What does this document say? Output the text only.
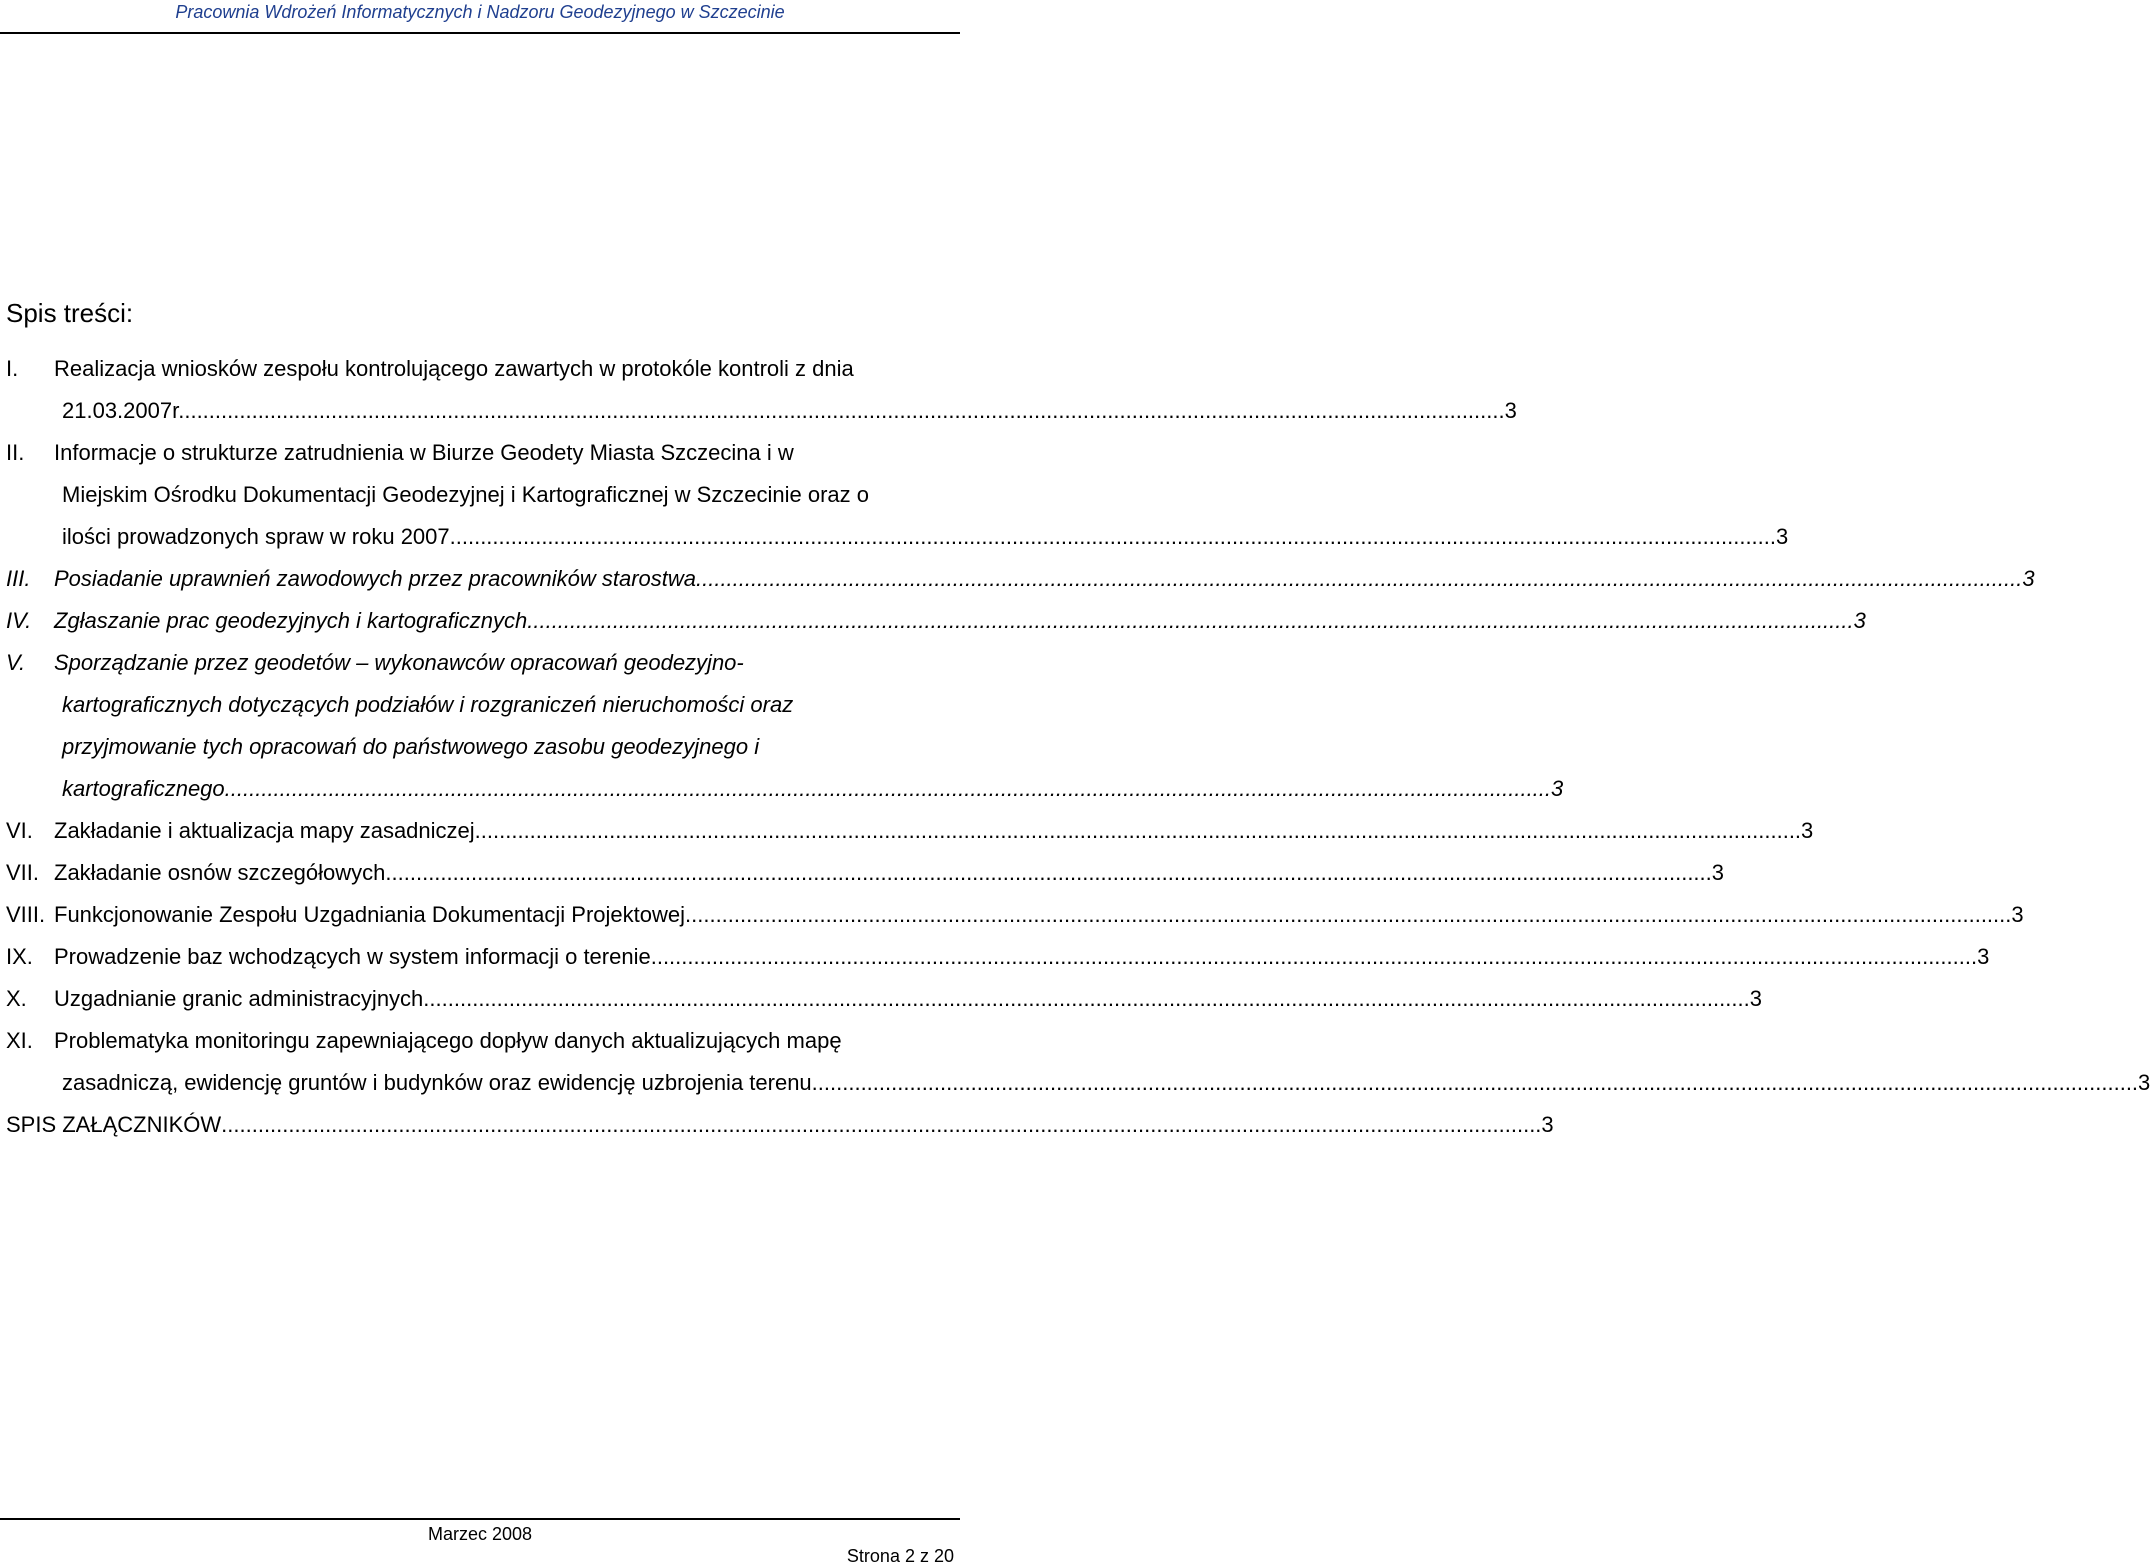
Pracownia Wdrożeń Informatycznych i Nadzoru Geodezyjnego w Szczecinie
Spis treści:
I. Realizacja wniosków zespołu kontrolującego zawartych w protokóle kontroli z dnia
21.03.2007r. .....	3
II. Informacje o strukturze zatrudnienia w Biurze Geodety Miasta Szczecina i w
Miejskim Ośrodku Dokumentacji Geodezyjnej i Kartograficznej w Szczecinie oraz o
ilości prowadzonych spraw w roku 2007. .....	3
III. Posiadanie uprawnień zawodowych przez pracowników starostwa. .....	3
IV. Zgłaszanie prac geodezyjnych i kartograficznych. .....	3
V. Sporządzanie przez geodetów – wykonawców opracowań geodezyjno-
kartograficznych dotyczących podziałów i rozgraniczeń nieruchomości oraz
przyjmowanie tych opracowań do państwowego zasobu geodezyjnego i
kartograficznego. .....	3
VI. Zakładanie i aktualizacja mapy zasadniczej. .....	3
VII. Zakładanie osnów szczegółowych. .....	3
VIII. Funkcjonowanie Zespołu Uzgadniania Dokumentacji Projektowej. .....	3
IX. Prowadzenie baz wchodzących w system informacji o terenie. .....	3
X. Uzgadnianie granic administracyjnych. .....	3
XI. Problematyka monitoringu zapewniającego dopływ danych aktualizujących mapę
zasadniczą, ewidencję gruntów i budynków oraz ewidencję uzbrojenia terenu. .....	3
SPIS ZAŁĄCZNIKÓW ........................................................................................................................................................................................................................ 3
Marzec 2008
Strona 2 z 20
